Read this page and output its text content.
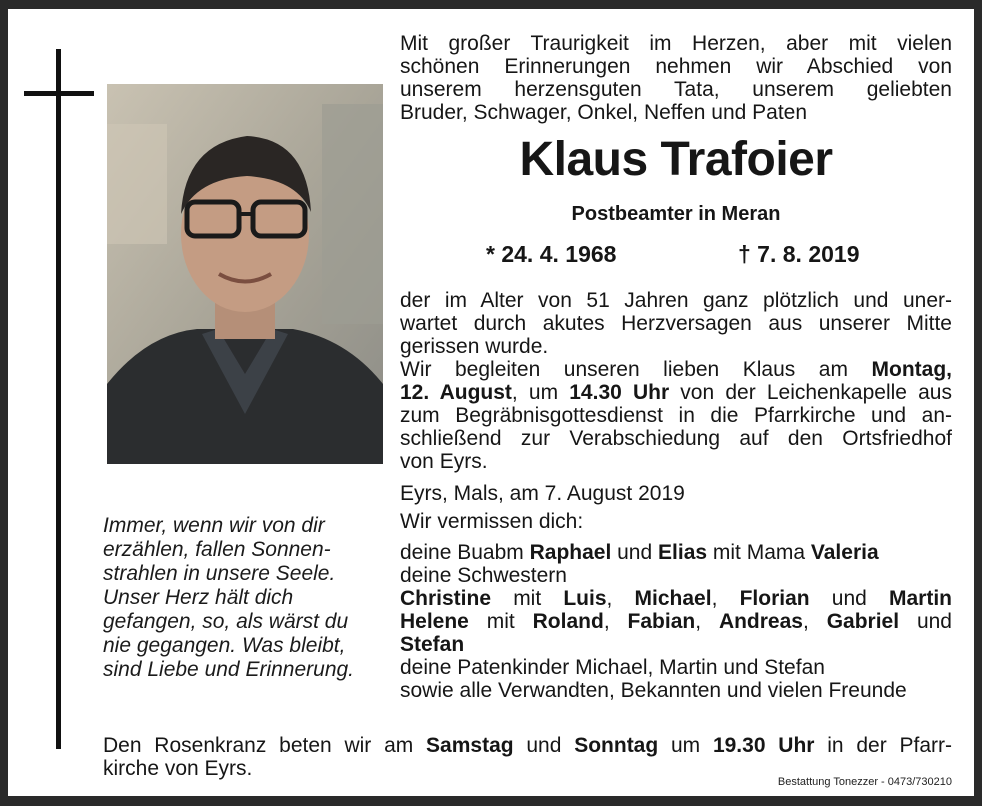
Immer, wenn wir von dir
erzählen, fallen Sonnen-
strahlen in unsere Seele.
Unser Herz hält dich
gefangen, so, als wärst du
nie gegangen. Was bleibt,
sind Liebe und Erinnerung.
Mit großer Traurigkeit im Herzen, aber mit vielen
schönen Erinnerungen nehmen wir Abschied von
unserem herzensguten Tata, unserem geliebten
Bruder, Schwager, Onkel, Neffen und Paten
Klaus Trafoier
Postbeamter in Meran
* 24. 4. 1968	† 7. 8. 2019
der im Alter von 51 Jahren ganz plötzlich und uner-
wartet durch akutes Herzversagen aus unserer Mitte
gerissen wurde.
Wir begleiten unseren lieben Klaus am Montag,
12. August, um 14.30 Uhr von der Leichenkapelle aus
zum Begräbnisgottesdienst in die Pfarrkirche und an-
schließend zur Verabschiedung auf den Ortsfriedhof
von Eyrs.
Eyrs, Mals, am 7. August 2019
Wir vermissen dich:
deine Buabm Raphael und Elias mit Mama Valeria
deine Schwestern
Christine mit Luis, Michael, Florian und Martin
Helene mit Roland, Fabian, Andreas, Gabriel und
Stefan
deine Patenkinder Michael, Martin und Stefan
sowie alle Verwandten, Bekannten und vielen Freunde
Den Rosenkranz beten wir am Samstag und Sonntag um 19.30 Uhr in der Pfarr-
kirche von Eyrs.
Bestattung Tonezzer - 0473/730210
